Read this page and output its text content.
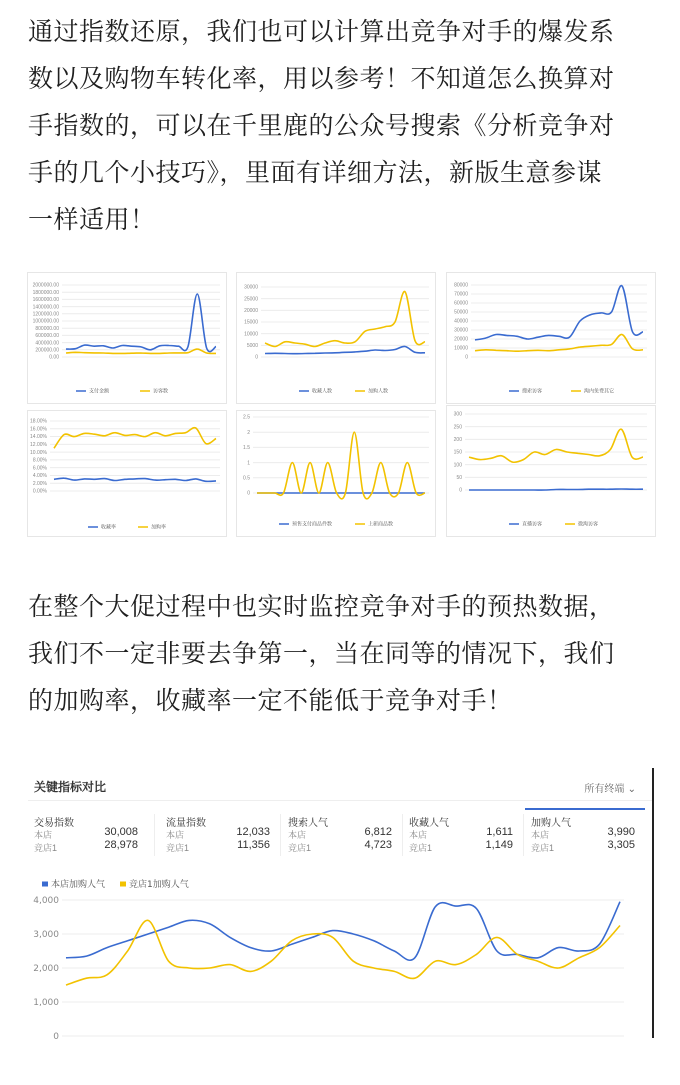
通过指数还原，我们也可以计算出竞争对手的爆发系
数以及购物车转化率，用以参考！不知道怎么换算对
手指数的，可以在千里鹿的公众号搜索《分析竞争对
手的几个小技巧》，里面有详细方法，新版生意参谋
一样适用！
2000000.00
1800000.00
1600000.00
1400000.00
1200000.00
1000000.00
800000.00
600000.00
400000.00
200000.00
0.00
支付金额	访客数
30000
25000
20000
15000
10000
5000
0
收藏人数	加购人数
80000
70000
60000
50000
40000
30000
20000
10000
0
搜索访客	淘内免费其它
18.00%
16.00%
14.00%
12.00%
10.00%
8.00%
6.00%
4.00%
2.00%
0.00%
收藏率	加购率
2.5
2
1.5
1
0.5
0
预售支付商品件数	上新商品数
300
250
200
150
100
50
0
直播访客	微淘访客
在整个大促过程中也实时监控竞争对手的预热数据，
我们不一定非要去争第一，当在同等的情况下，我们
的加购率，收藏率一定不能低于竞争对手！
关键指标对比	所有终端 ⌄
交易指数
本店	30,008
竞店1	28,978
流量指数
本店	12,033
竞店1	11,356
搜索人气
本店	6,812
竞店1	4,723
收藏人气
本店	1,611
竞店1	1,149
加购人气
本店	3,990
竞店1	3,305
4,000
3,000
2,000
1,000
0
本店加购人气	竞店1加购人气
